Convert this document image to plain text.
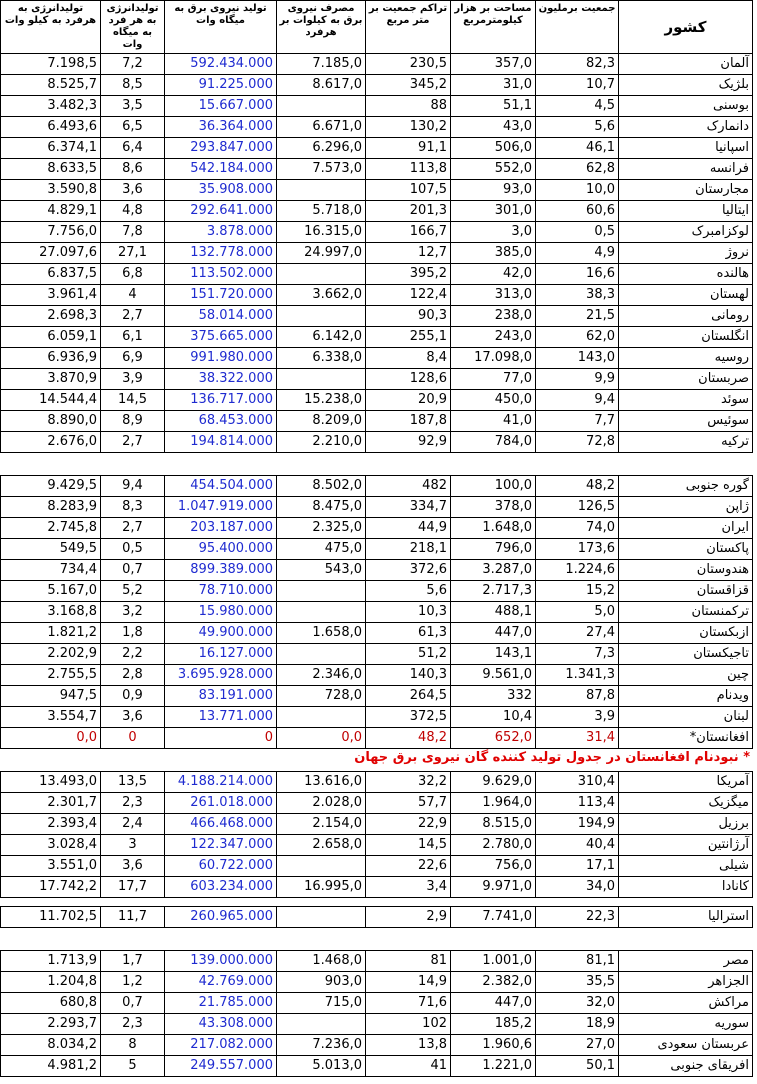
تولیدانرژی به هرفرد به کیلو وات	تولیدانرژی به هر فرد به میگاه وات	تولید نیروی برق به میگاه وات	مصرف نیروی برق به کیلوات بر هرفرد	تراکم جمعیت بر متر مربع	مساحت بر هزار کیلومترمربع	جمعیت برملیون	کشور
7.198,5	7,2	592.434.000	7.185,0	230,5	357,0	82,3	آلمان
8.525,7	8,5	91.225.000	8.617,0	345,2	31,0	10,7	بلژیک
3.482,3	3,5	15.667.000		88	51,1	4,5	بوسنی
6.493,6	6,5	36.364.000	6.671,0	130,2	43,0	5,6	دانمارک
6.374,1	6,4	293.847.000	6.296,0	91,1	506,0	46,1	اسپانیا
8.633,5	8,6	542.184.000	7.573,0	113,8	552,0	62,8	فرانسه
3.590,8	3,6	35.908.000		107,5	93,0	10,0	مجارستان
4.829,1	4,8	292.641.000	5.718,0	201,3	301,0	60,6	ایتالیا
7.756,0	7,8	3.878.000	16.315,0	166,7	3,0	0,5	لوکزامبرک
27.097,6	27,1	132.778.000	24.997,0	12,7	385,0	4,9	نروژ
6.837,5	6,8	113.502.000		395,2	42,0	16,6	هالنده
3.961,4	4	151.720.000	3.662,0	122,4	313,0	38,3	لهستان
2.698,3	2,7	58.014.000		90,3	238,0	21,5	رومانی
6.059,1	6,1	375.665.000	6.142,0	255,1	243,0	62,0	انگلستان
6.936,9	6,9	991.980.000	6.338,0	8,4	17.098,0	143,0	روسیه
3.870,9	3,9	38.322.000		128,6	77,0	9,9	صربستان
14.544,4	14,5	136.717.000	15.238,0	20,9	450,0	9,4	سوئد
8.890,0	8,9	68.453.000	8.209,0	187,8	41,0	7,7	سوئیس
2.676,0	2,7	194.814.000	2.210,0	92,9	784,0	72,8	ترکیه

9.429,5	9,4	454.504.000	8.502,0	482	100,0	48,2	گوره جنوبی
8.283,9	8,3	1.047.919.000	8.475,0	334,7	378,0	126,5	ژاپن
2.745,8	2,7	203.187.000	2.325,0	44,9	1.648,0	74,0	ایران
549,5	0,5	95.400.000	475,0	218,1	796,0	173,6	پاکستان
734,4	0,7	899.389.000	543,0	372,6	3.287,0	1.224,6	هندوستان
5.167,0	5,2	78.710.000		5,6	2.717,3	15,2	قزاقستان
3.168,8	3,2	15.980.000		10,3	488,1	5,0	ترکمنستان
1.821,2	1,8	49.900.000	1.658,0	61,3	447,0	27,4	ازبکستان
2.202,9	2,2	16.127.000		51,2	143,1	7,3	تاجیکستان
2.755,5	2,8	3.695.928.000	2.346,0	140,3	9.561,0	1.341,3	چین
947,5	0,9	83.191.000	728,0	264,5	332	87,8	ویدنام
3.554,7	3,6	13.771.000		372,5	10,4	3,9	لبنان
0,0	0	0	0,0	48,2	652,0	31,4	افغانستان*

13.493,0	13,5	4.188.214.000	13.616,0	32,2	9.629,0	310,4	آمریکا
2.301,7	2,3	261.018.000	2.028,0	57,7	1.964,0	113,4	میگزیک
2.393,4	2,4	466.468.000	2.154,0	22,9	8.515,0	194,9	برزیل
3.028,4	3	122.347.000	2.658,0	14,5	2.780,0	40,4	آرژانتین
3.551,0	3,6	60.722.000		22,6	756,0	17,1	شیلی
17.742,2	17,7	603.234.000	16.995,0	3,4	9.971,0	34,0	کانادا

11.702,5	11,7	260.965.000		2,9	7.741,0	22,3	استرالیا

1.713,9	1,7	139.000.000	1.468,0	81	1.001,0	81,1	مصر
1.204,8	1,2	42.769.000	903,0	14,9	2.382,0	35,5	الجزاهر
680,8	0,7	21.785.000	715,0	71,6	447,0	32,0	مراکش
2.293,7	2,3	43.308.000		102	185,2	18,9	سوریه
8.034,2	8	217.082.000	7.236,0	13,8	1.960,6	27,0	عربستان سعودی
4.981,2	5	249.557.000	5.013,0	41	1.221,0	50,1	افریقای جنوبی
* نبودنام افغانستان در جدول تولید کننده گان نیروی برق جهان
